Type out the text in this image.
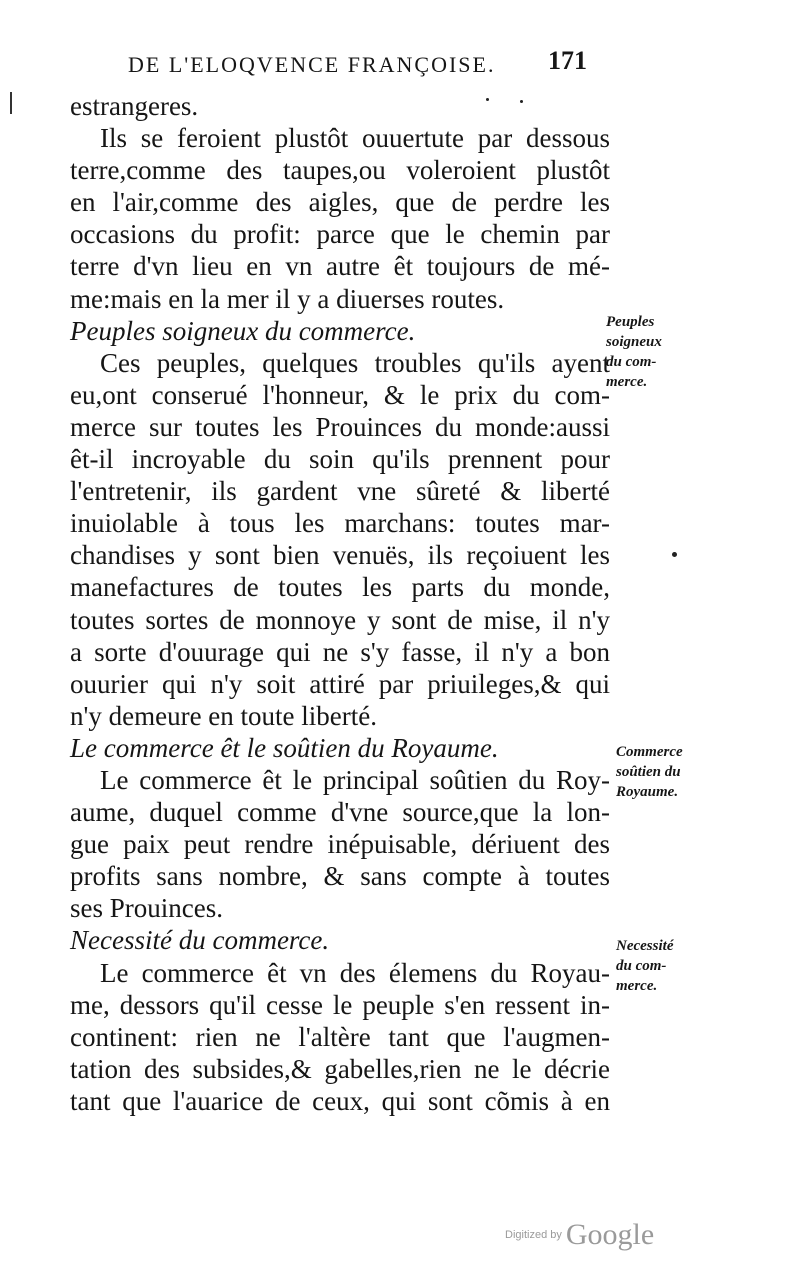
DE L'ELOQVENCE FRANÇOISE.	171
estrangeres.
Ils se feroient plustôt ouuertute par dessous
terre,comme des taupes,ou voleroient plustôt
en l'air,comme des aigles, que de perdre les
occasions du profit: parce que le chemin par
terre d'vn lieu en vn autre êt toujours de mé-
me:mais en la mer il y a diuerses routes.
Peuples soigneux du commerce.
Ces peuples, quelques troubles qu'ils ayent
eu,ont conserué l'honneur, & le prix du com-
merce sur toutes les Prouinces du monde:aussi
êt-il incroyable du soin qu'ils prennent pour
l'entretenir, ils gardent vne sûreté & liberté
inuiolable à tous les marchans: toutes mar-
chandises y sont bien venuës, ils reçoiuent les
manefactures de toutes les parts du monde,
toutes sortes de monnoye y sont de mise, il n'y
a sorte d'ouurage qui ne s'y fasse, il n'y a bon
ouurier qui n'y soit attiré par priuileges,& qui
n'y demeure en toute liberté.
Le commerce êt le soûtien du Royaume.
Le commerce êt le principal soûtien du Roy-
aume, duquel comme d'vne source,que la lon-
gue paix peut rendre inépuisable, dériuent des
profits sans nombre, & sans compte à toutes
ses Prouinces.
Necessité du commerce.
Le commerce êt vn des élemens du Royau-
me, dessors qu'il cesse le peuple s'en ressent in-
continent: rien ne l'altère tant que l'augmen-
tation des subsides,& gabelles,rien ne le décrie
tant que l'auarice de ceux, qui sont cõmis à en
Peuples
soigneux
du com-
merce.
Commerce
soûtien du
Royaume.
Necessité
du com-
merce.
Digitized by Google
